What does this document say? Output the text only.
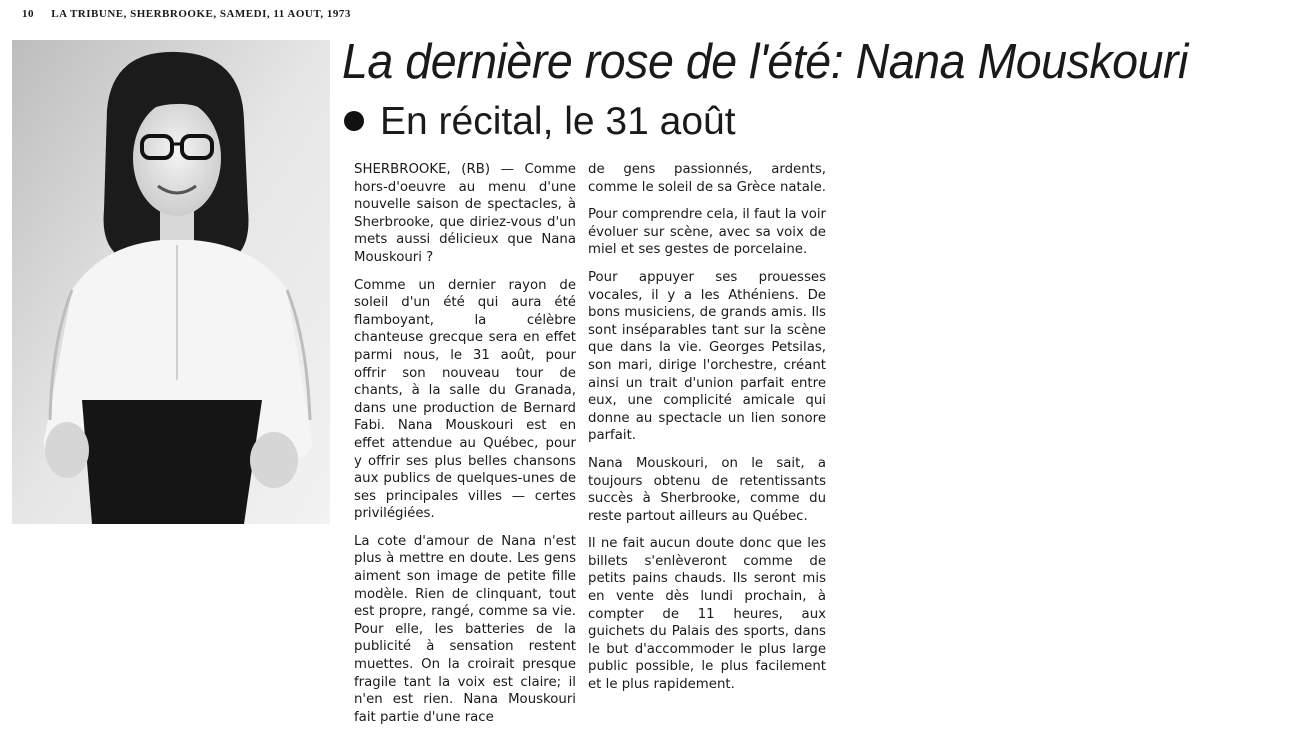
10 LA TRIBUNE, SHERBROOKE, SAMEDI, 11 AOUT, 1973
La dernière rose de l'été: Nana Mouskouri
En récital, le 31 août

SHERBROOKE, (RB) — Comme hors-d'oeuvre au menu d'une nouvelle saison de spectacles, à Sherbrooke, que diriez-vous d'un mets aussi délicieux que Nana Mouskouri ?

Comme un dernier rayon de soleil d'un été qui aura été flamboyant, la célèbre chanteuse grecque sera en effet parmi nous, le 31 août, pour offrir son nouveau tour de chants, à la salle du Granada, dans une production de Bernard Fabi. Nana Mouskouri est en effet attendue au Québec, pour y offrir ses plus belles chansons aux publics de quelques-unes de ses principales villes — certes privilégiées.

La cote d'amour de Nana n'est plus à mettre en doute. Les gens aiment son image de petite fille modèle. Rien de clinquant, tout est propre, rangé, comme sa vie. Pour elle, les batteries de la publicité à sensation restent muettes. On la croirait presque fragile tant la voix est claire; il n'en est rien. Nana Mouskouri fait partie d'une race

de gens passionnés, ardents, comme le soleil de sa Grèce natale.

Pour comprendre cela, il faut la voir évoluer sur scène, avec sa voix de miel et ses gestes de porcelaine.

Pour appuyer ses prouesses vocales, il y a les Athéniens. De bons musiciens, de grands amis. Ils sont inséparables tant sur la scène que dans la vie. Georges Petsilas, son mari, dirige l'orchestre, créant ainsi un trait d'union parfait entre eux, une complicité amicale qui donne au spectacle un lien sonore parfait.

Nana Mouskouri, on le sait, a toujours obtenu de retentissants succès à Sherbrooke, comme du reste partout ailleurs au Québec.

Il ne fait aucun doute donc que les billets s'enlèveront comme de petits pains chauds. Ils seront mis en vente dès lundi prochain, à compter de 11 heures, aux guichets du Palais des sports, dans le but d'accommoder le plus large public possible, le plus facilement et le plus rapidement.
